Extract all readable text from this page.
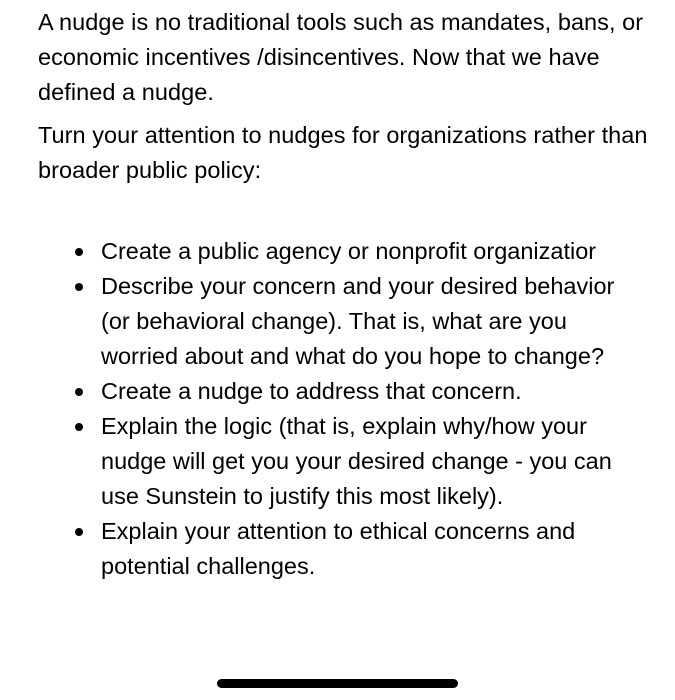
A nudge is no traditional tools such as mandates, bans, or economic incentives /disincentives. Now that we have defined a nudge.

Turn your attention to nudges for organizations rather than broader public policy:

Create a public agency or nonprofit organizatior
Describe your concern and your desired behavior (or behavioral change). That is, what are you worried about and what do you hope to change?
Create a nudge to address that concern.
Explain the logic (that is, explain why/how your nudge will get you your desired change - you can use Sunstein to justify this most likely).
Explain your attention to ethical concerns and potential challenges.
